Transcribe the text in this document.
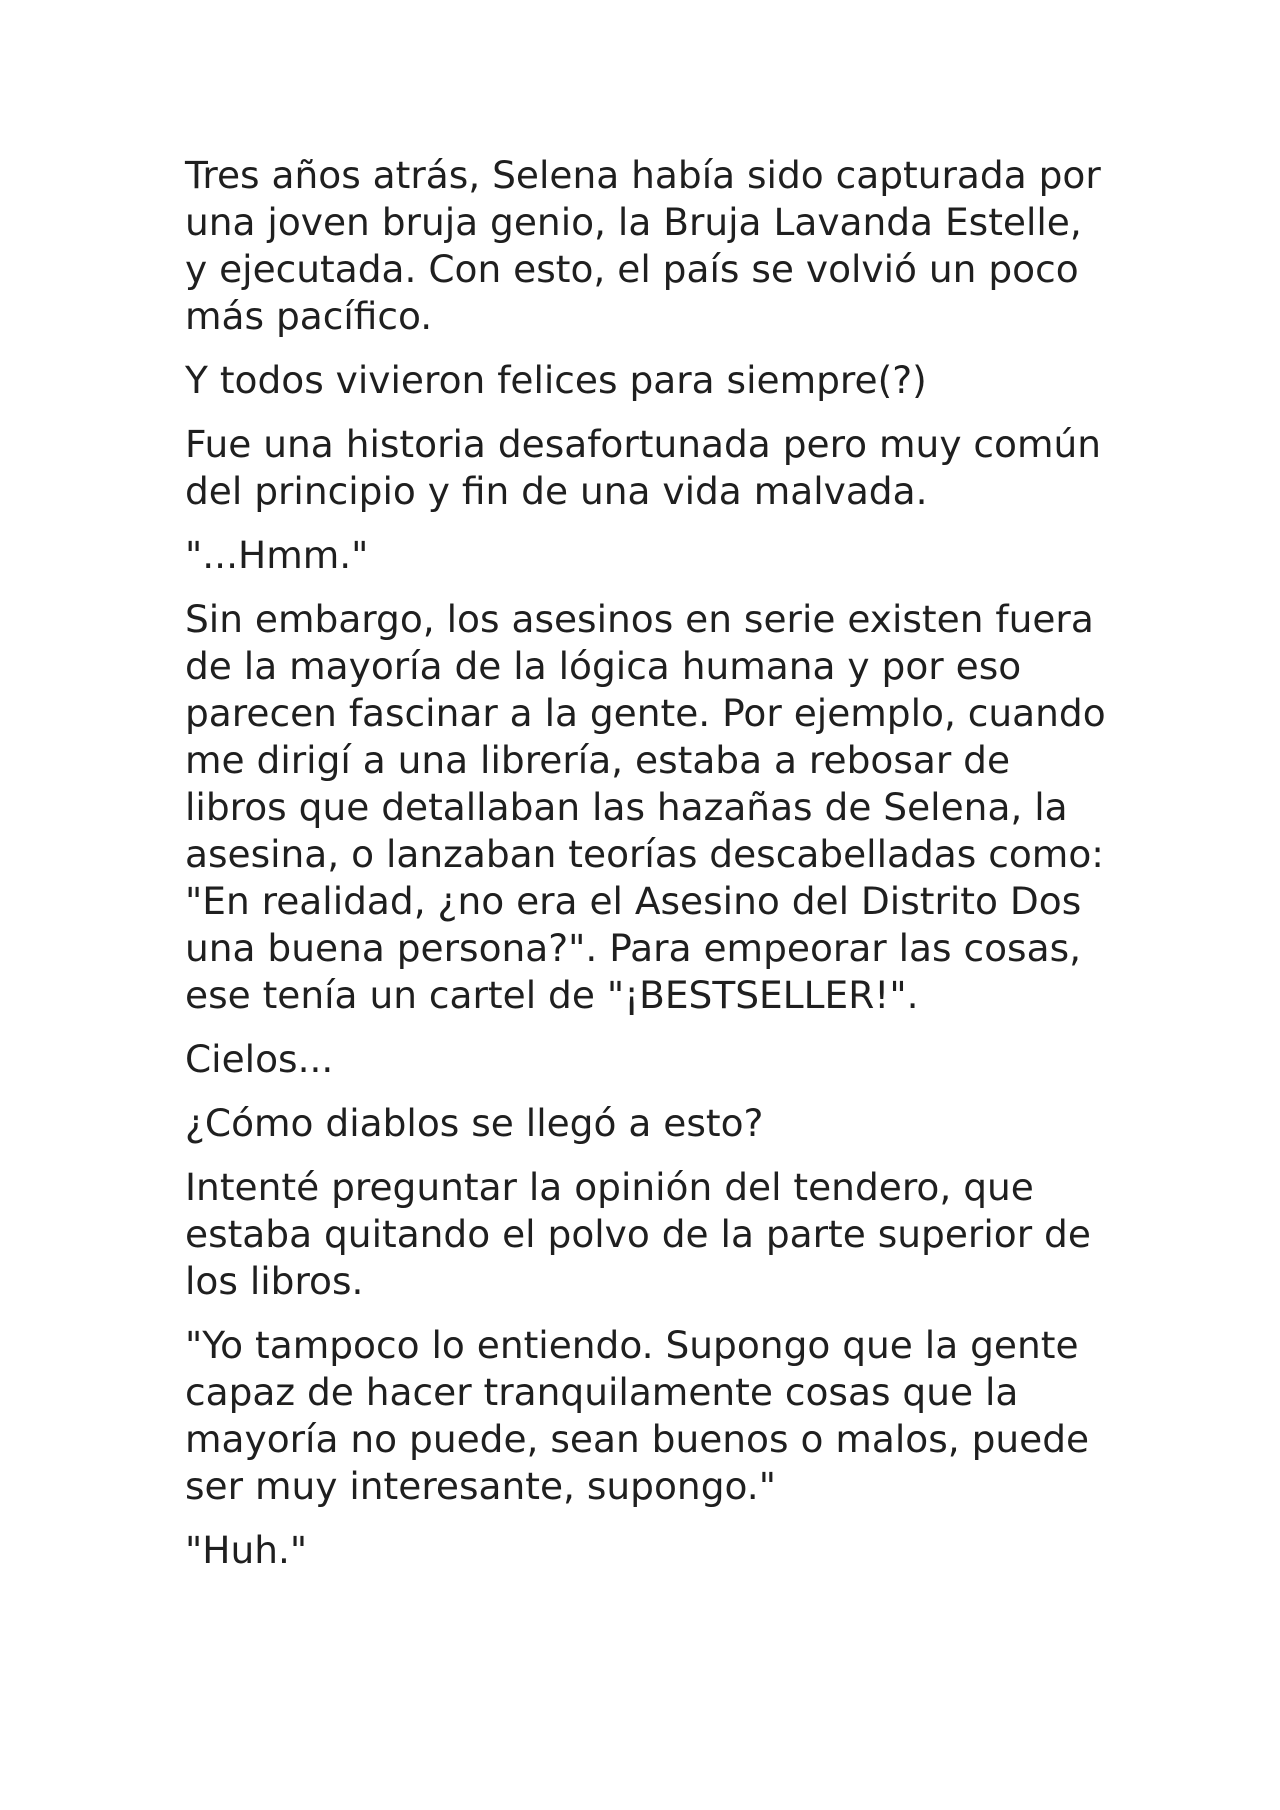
Tres años atrás, Selena había sido capturada por una joven bruja genio, la Bruja Lavanda Estelle, y ejecutada. Con esto, el país se volvió un poco más pacífico.

Y todos vivieron felices para siempre(?)

Fue una historia desafortunada pero muy común del principio y fin de una vida malvada.

"...Hmm."

Sin embargo, los asesinos en serie existen fuera de la mayoría de la lógica humana y por eso parecen fascinar a la gente. Por ejemplo, cuando me dirigí a una librería, estaba a rebosar de libros que detallaban las hazañas de Selena, la asesina, o lanzaban teorías descabelladas como: "En realidad, ¿no era el Asesino del Distrito Dos una buena persona?". Para empeorar las cosas, ese tenía un cartel de "¡BESTSELLER!".

Cielos...

¿Cómo diablos se llegó a esto?

Intenté preguntar la opinión del tendero, que estaba quitando el polvo de la parte superior de los libros.

"Yo tampoco lo entiendo. Supongo que la gente capaz de hacer tranquilamente cosas que la mayoría no puede, sean buenos o malos, puede ser muy interesante, supongo."

"Huh."
